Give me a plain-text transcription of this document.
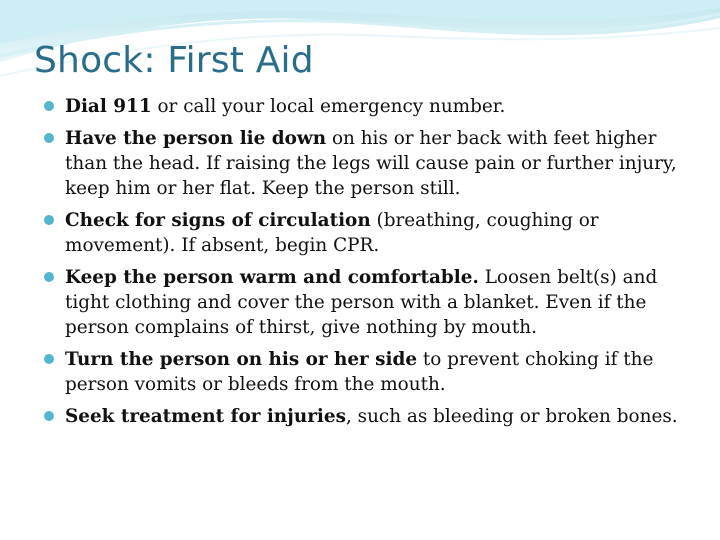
Shock: First Aid
Dial 911 or call your local emergency number.
Have the person lie down on his or her back with feet higher than the head. If raising the legs will cause pain or further injury, keep him or her flat. Keep the person still.
Check for signs of circulation (breathing, coughing or movement). If absent, begin CPR.
Keep the person warm and comfortable. Loosen belt(s) and tight clothing and cover the person with a blanket. Even if the person complains of thirst, give nothing by mouth.
Turn the person on his or her side to prevent choking if the person vomits or bleeds from the mouth.
Seek treatment for injuries, such as bleeding or broken bones.
